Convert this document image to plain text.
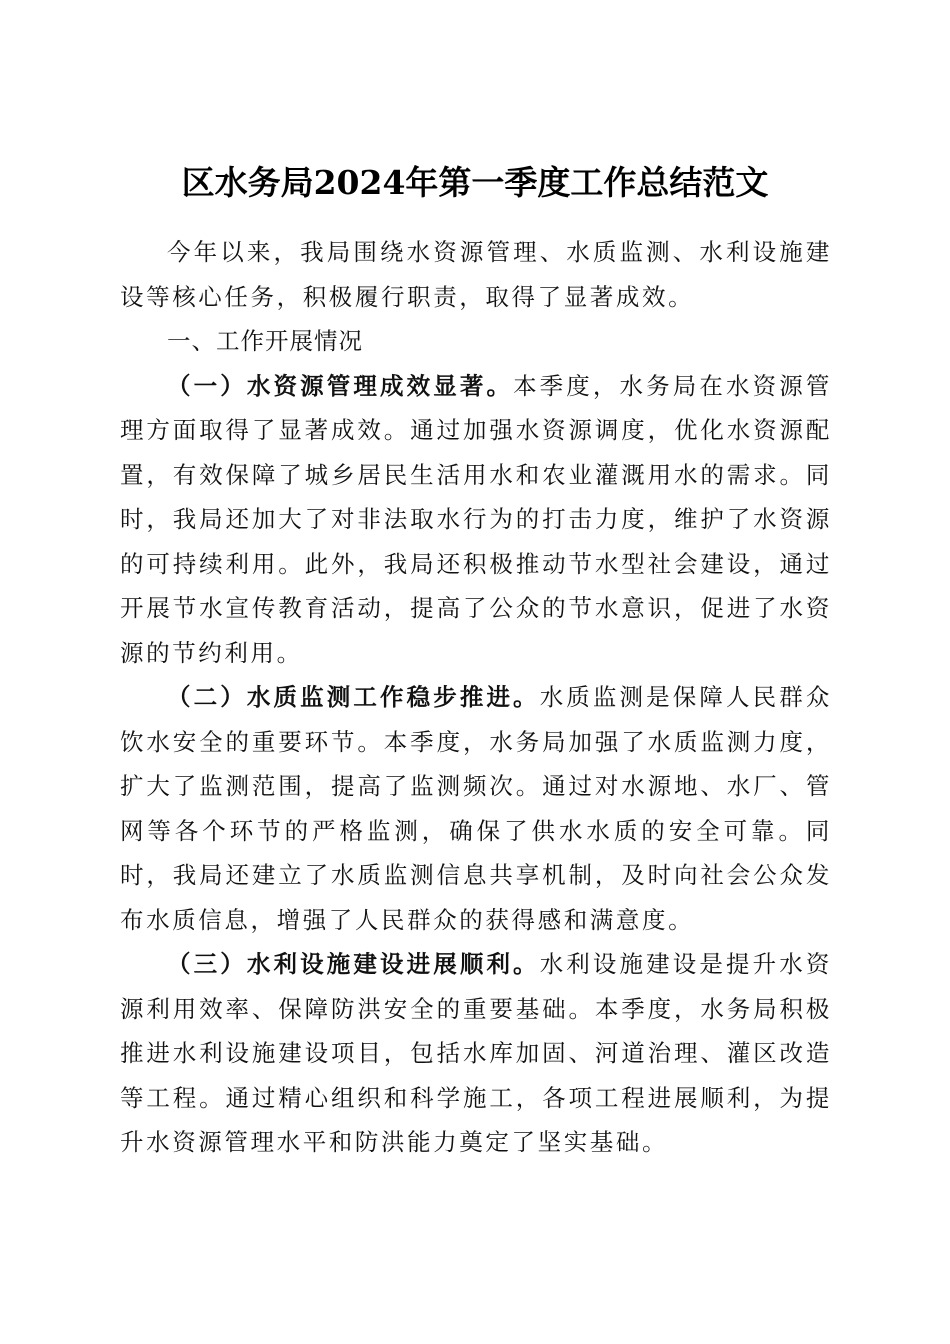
区水务局2024年第一季度工作总结范文

今年以来，我局围绕水资源管理、水质监测、水利设施建设等核心任务，积极履行职责，取得了显著成效。

一、工作开展情况

（一）水资源管理成效显著。本季度，水务局在水资源管理方面取得了显著成效。通过加强水资源调度，优化水资源配置，有效保障了城乡居民生活用水和农业灌溉用水的需求。同时，我局还加大了对非法取水行为的打击力度，维护了水资源的可持续利用。此外，我局还积极推动节水型社会建设，通过开展节水宣传教育活动，提高了公众的节水意识，促进了水资源的节约利用。

（二）水质监测工作稳步推进。水质监测是保障人民群众饮水安全的重要环节。本季度，水务局加强了水质监测力度，扩大了监测范围，提高了监测频次。通过对水源地、水厂、管网等各个环节的严格监测，确保了供水水质的安全可靠。同时，我局还建立了水质监测信息共享机制，及时向社会公众发布水质信息，增强了人民群众的获得感和满意度。

（三）水利设施建设进展顺利。水利设施建设是提升水资源利用效率、保障防洪安全的重要基础。本季度，水务局积极推进水利设施建设项目，包括水库加固、河道治理、灌区改造等工程。通过精心组织和科学施工，各项工程进展顺利，为提升水资源管理水平和防洪能力奠定了坚实基础。
